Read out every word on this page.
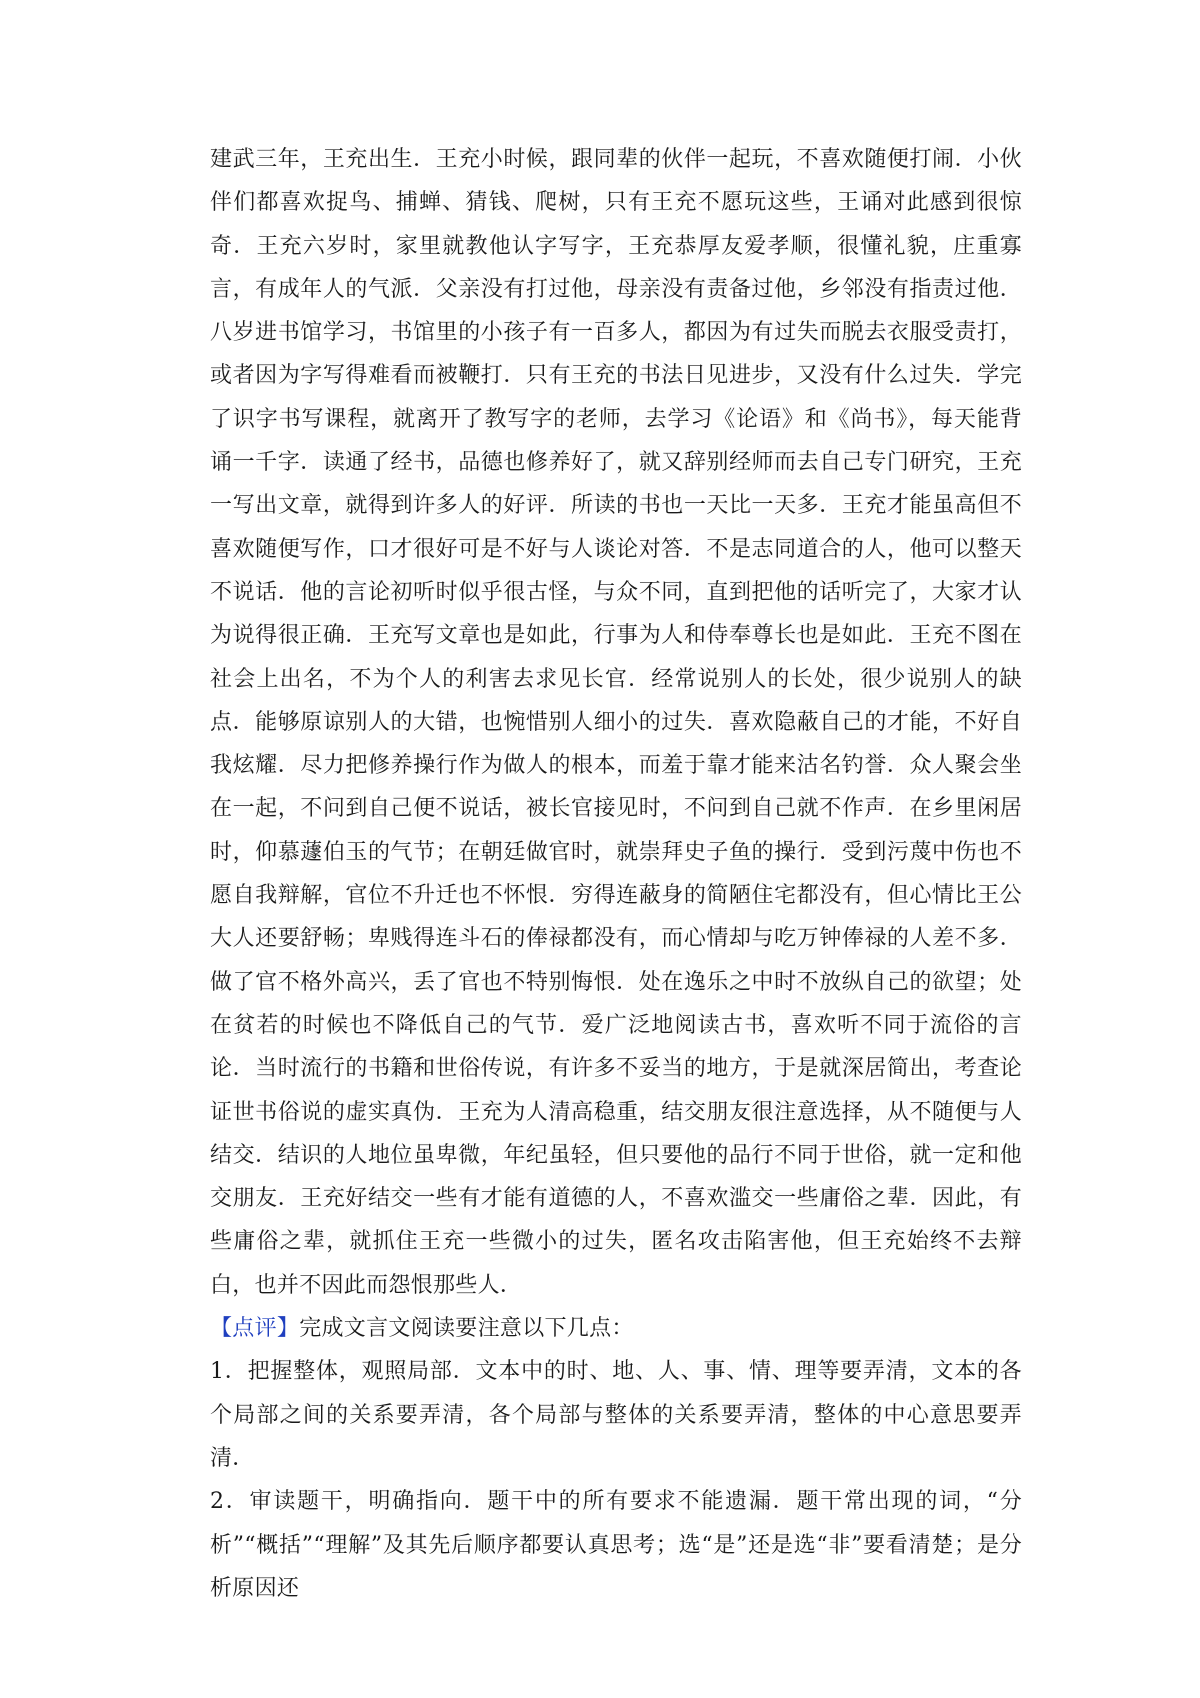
建武三年，王充出生．王充小时候，跟同辈的伙伴一起玩，不喜欢随便打闹．小伙伴们都喜欢捉鸟、捕蝉、猜钱、爬树，只有王充不愿玩这些，王诵对此感到很惊奇．王充六岁时，家里就教他认字写字，王充恭厚友爱孝顺，很懂礼貌，庄重寡言，有成年人的气派．父亲没有打过他，母亲没有责备过他，乡邻没有指责过他．八岁进书馆学习，书馆里的小孩子有一百多人，都因为有过失而脱去衣服受责打，或者因为字写得难看而被鞭打．只有王充的书法日见进步，又没有什么过失．学完了识字书写课程，就离开了教写字的老师，去学习《论语》和《尚书》，每天能背诵一千字．读通了经书，品德也修养好了，就又辞别经师而去自己专门研究，王充一写出文章，就得到许多人的好评．所读的书也一天比一天多．王充才能虽高但不喜欢随便写作，口才很好可是不好与人谈论对答．不是志同道合的人，他可以整天不说话．他的言论初听时似乎很古怪，与众不同，直到把他的话听完了，大家才认为说得很正确．王充写文章也是如此，行事为人和侍奉尊长也是如此．王充不图在社会上出名，不为个人的利害去求见长官．经常说别人的长处，很少说别人的缺点．能够原谅别人的大错，也惋惜别人细小的过失．喜欢隐蔽自己的才能，不好自我炫耀．尽力把修养操行作为做人的根本，而羞于靠才能来沽名钓誉．众人聚会坐在一起，不问到自己便不说话，被长官接见时，不问到自己就不作声．在乡里闲居时，仰慕蘧伯玉的气节；在朝廷做官时，就崇拜史子鱼的操行．受到污蔑中伤也不愿自我辩解，官位不升迁也不怀恨．穷得连蔽身的简陋住宅都没有，但心情比王公大人还要舒畅；卑贱得连斗石的俸禄都没有，而心情却与吃万钟俸禄的人差不多．做了官不格外高兴，丢了官也不特别悔恨．处在逸乐之中时不放纵自己的欲望；处在贫若的时候也不降低自己的气节．爱广泛地阅读古书，喜欢听不同于流俗的言论．当时流行的书籍和世俗传说，有许多不妥当的地方，于是就深居简出，考查论证世书俗说的虚实真伪．王充为人清高稳重，结交朋友很注意选择，从不随便与人结交．结识的人地位虽卑微，年纪虽轻，但只要他的品行不同于世俗，就一定和他交朋友．王充好结交一些有才能有道德的人，不喜欢滥交一些庸俗之辈．因此，有些庸俗之辈，就抓住王充一些微小的过失，匿名攻击陷害他，但王充始终不去辩白，也并不因此而怨恨那些人．

【点评】完成文言文阅读要注意以下几点：

1．把握整体，观照局部．文本中的时、地、人、事、情、理等要弄清，文本的各个局部之间的关系要弄清，各个局部与整体的关系要弄清，整体的中心意思要弄清．

2．审读题干，明确指向．题干中的所有要求不能遗漏．题干常出现的词，“分析”“概括”“理解”及其先后顺序都要认真思考；选“是”还是选“非”要看清楚；是分析原因还
